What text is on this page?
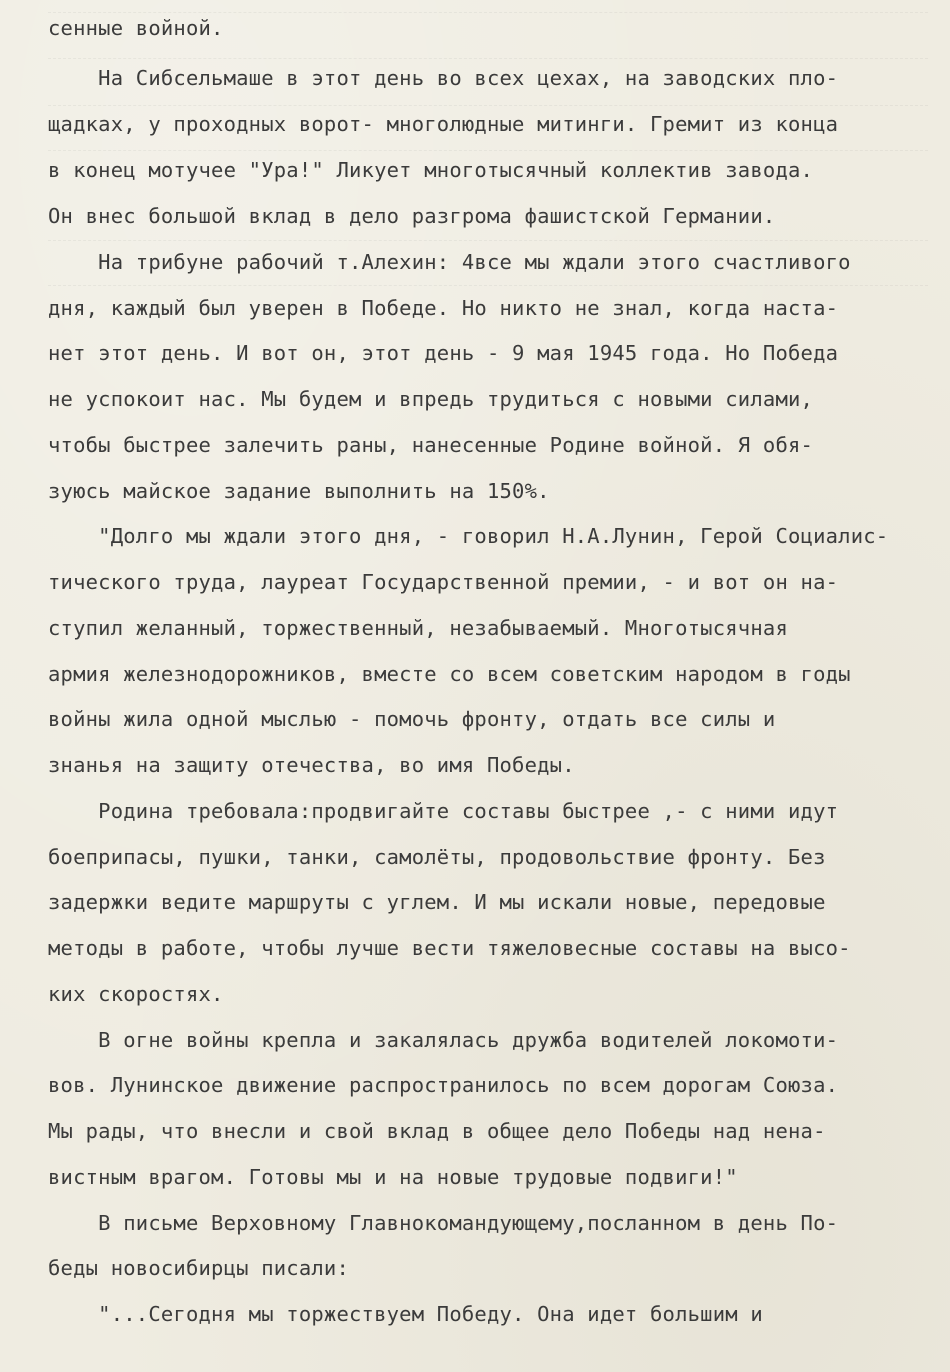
сенные войной.
На Сибсельмаше в этот день во всех цехах, на заводских пло-
щадках, у проходных ворот- многолюдные митинги. Гремит из конца
в конец мотучее "Ура!" Ликует многотысячный коллектив завода.
Он внес большой вклад в дело разгрома фашистской Германии.
На трибуне рабочий т.Алехин: 4все мы ждали этого счастливого
дня, каждый был уверен в Победе. Но никто не знал, когда наста-
нет этот день. И вот он, этот день - 9 мая 1945 года. Но Победа
не успокоит нас. Мы будем и впредь трудиться с новыми силами,
чтобы быстрее залечить раны, нанесенные Родине войной. Я обя-
зуюсь майское задание выполнить на 150%.
"Долго мы ждали этого дня, - говорил Н.А.Лунин, Герой Социалис-
тического труда, лауреат Государственной премии, - и вот он на-
ступил желанный, торжественный, незабываемый. Многотысячная
армия железнодорожников, вместе со всем советским народом в годы
войны жила одной мыслью - помочь фронту, отдать все силы и
знанья на защиту отечества, во имя Победы.
Родина требовала:продвигайте составы быстрее ,- с ними идут
боеприпасы, пушки, танки, самолёты, продовольствие фронту. Без
задержки ведите маршруты с углем. И мы искали новые, передовые
методы в работе, чтобы лучше вести тяжеловесные составы на высо-
ких скоростях.
В огне войны крепла и закалялась дружба водителей локомоти-
вов. Лунинское движение распространилось по всем дорогам Союза.
Мы рады, что внесли и свой вклад в общее дело Победы над нена-
вистным врагом. Готовы мы и на новые трудовые подвиги!"
В письме Верховному Главнокомандующему,посланном в день По-
беды новосибирцы писали:
"...Сегодня мы торжествуем Победу. Она идет большим и
